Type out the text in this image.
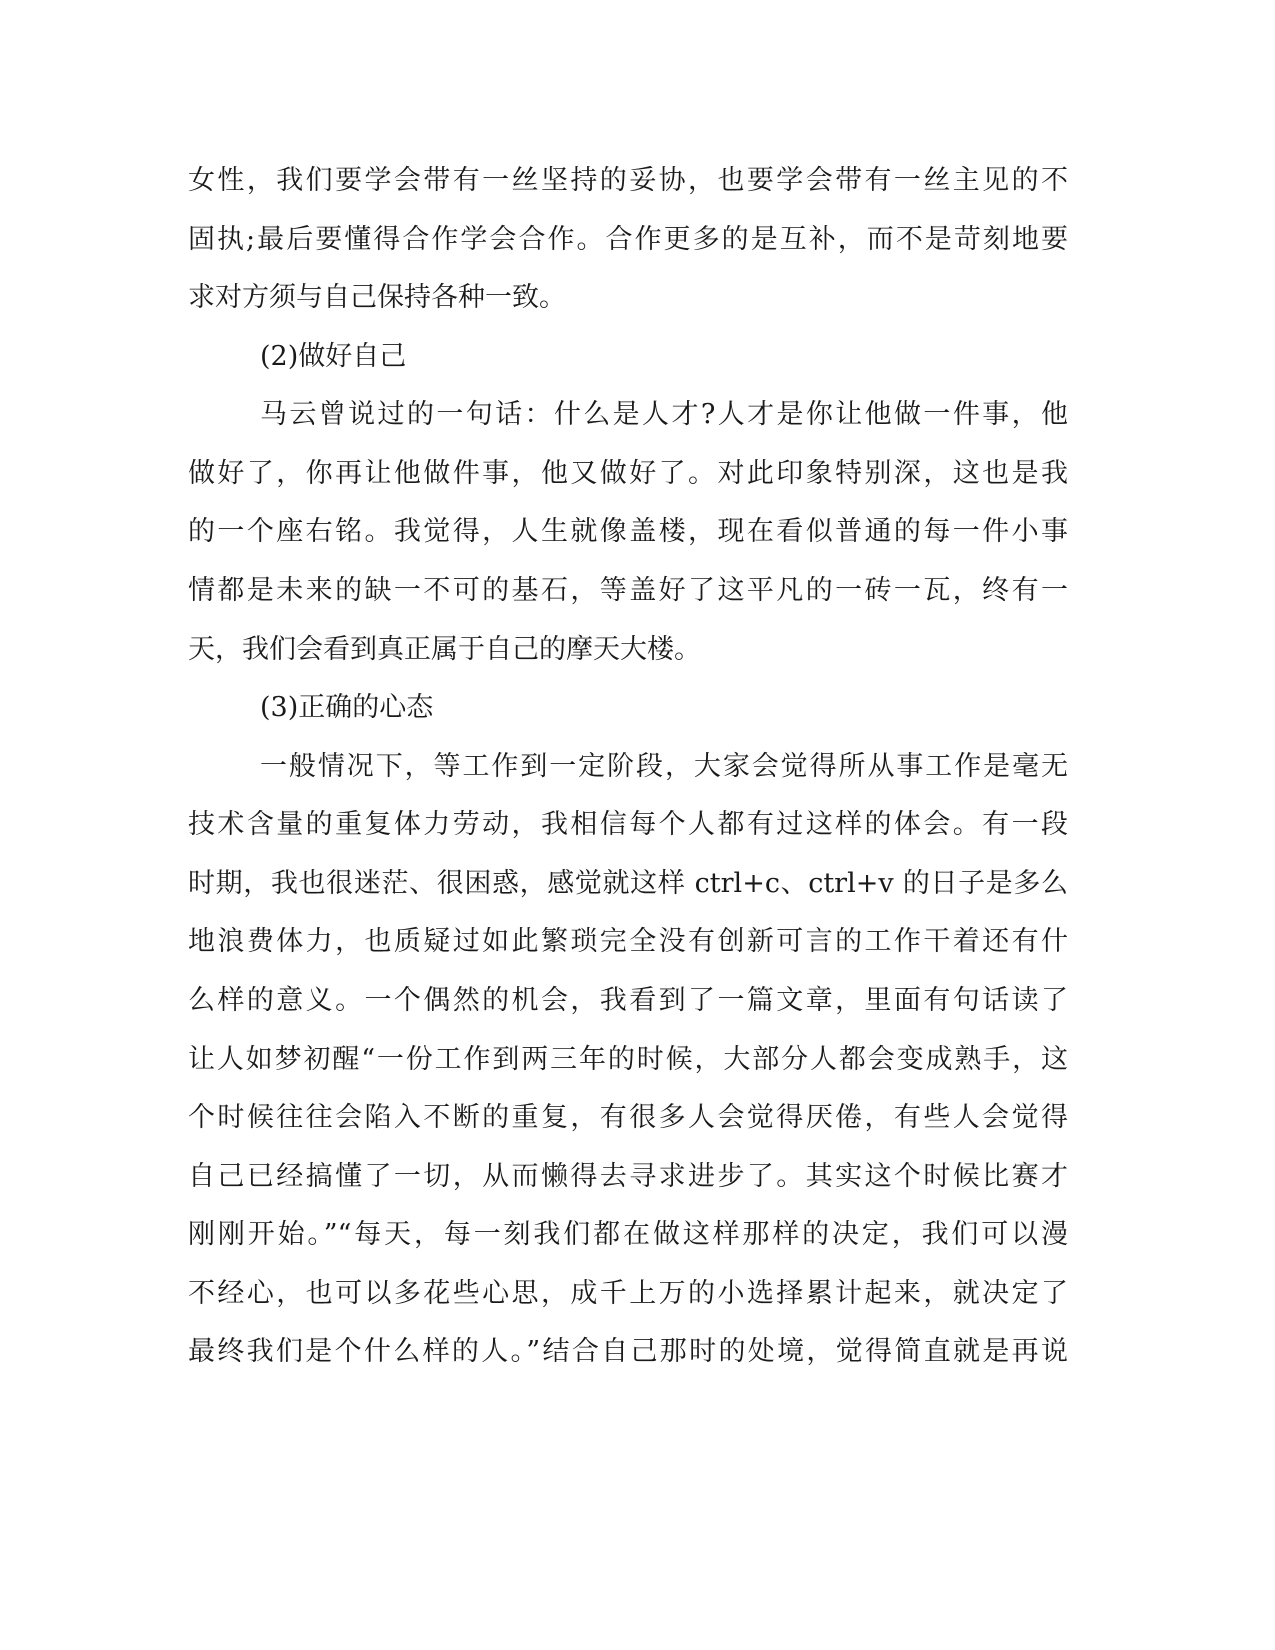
女性，我们要学会带有一丝坚持的妥协，也要学会带有一丝主见的不
固执;最后要懂得合作学会合作。合作更多的是互补，而不是苛刻地要
求对方须与自己保持各种一致。
(2)做好自己
马云曾说过的一句话：什么是人才?人才是你让他做一件事，他
做好了，你再让他做件事，他又做好了。对此印象特别深，这也是我
的一个座右铭。我觉得，人生就像盖楼，现在看似普通的每一件小事
情都是未来的缺一不可的基石，等盖好了这平凡的一砖一瓦，终有一
天，我们会看到真正属于自己的摩天大楼。
(3)正确的心态
一般情况下，等工作到一定阶段，大家会觉得所从事工作是毫无
技术含量的重复体力劳动，我相信每个人都有过这样的体会。有一段
时期，我也很迷茫、很困惑，感觉就这样 ctrl+c、ctrl+v 的日子是多么
地浪费体力，也质疑过如此繁琐完全没有创新可言的工作干着还有什
么样的意义。一个偶然的机会，我看到了一篇文章，里面有句话读了
让人如梦初醒“一份工作到两三年的时候，大部分人都会变成熟手，这
个时候往往会陷入不断的重复，有很多人会觉得厌倦，有些人会觉得
自己已经搞懂了一切，从而懒得去寻求进步了。其实这个时候比赛才
刚刚开始。”“每天，每一刻我们都在做这样那样的决定，我们可以漫
不经心，也可以多花些心思，成千上万的小选择累计起来，就决定了
最终我们是个什么样的人。”结合自己那时的处境，觉得简直就是再说
